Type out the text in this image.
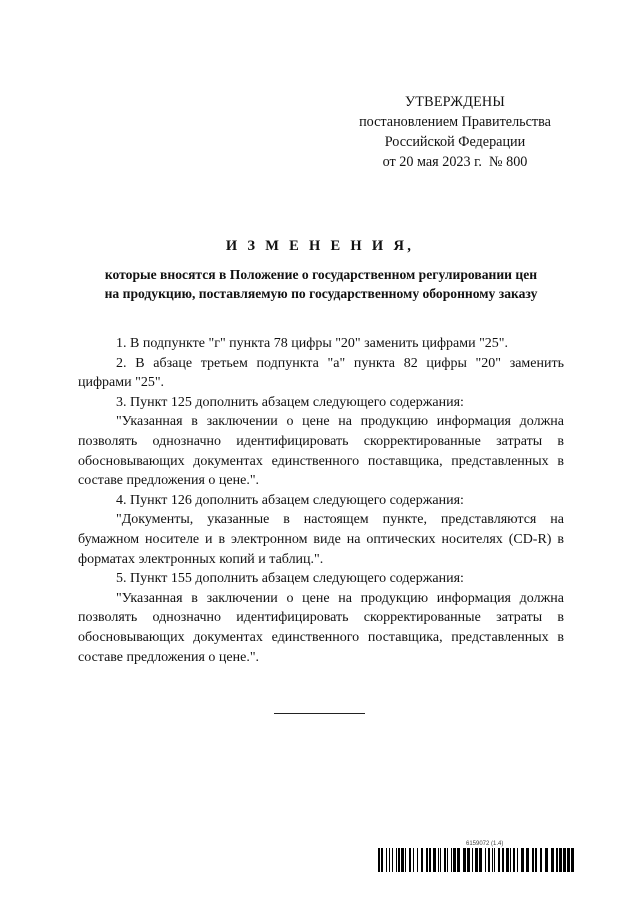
УТВЕРЖДЕНЫ
постановлением Правительства
Российской Федерации
от 20 мая 2023 г.  № 800
И З М Е Н Е Н И Я,
которые вносятся в Положение о государственном регулировании цен
на продукцию, поставляемую по государственному оборонному заказу

1. В подпункте "г" пункта 78 цифры "20" заменить цифрами "25".

2. В абзаце третьем подпункта "а" пункта 82 цифры "20" заменить цифрами "25".

3. Пункт 125 дополнить абзацем следующего содержания:

"Указанная в заключении о цене на продукцию информация должна позволять однозначно идентифицировать скорректированные затраты в обосновывающих документах единственного поставщика, представленных в составе предложения о цене.".

4. Пункт 126 дополнить абзацем следующего содержания:

"Документы, указанные в настоящем пункте, представляются на бумажном носителе и в электронном виде на оптических носителях (CD-R) в форматах электронных копий и таблиц.".

5. Пункт 155 дополнить абзацем следующего содержания:

"Указанная в заключении о цене на продукцию информация должна позволять однозначно идентифицировать скорректированные затраты в обосновывающих документах единственного поставщика, представленных в составе предложения о цене.".

6159072 (1.4)
